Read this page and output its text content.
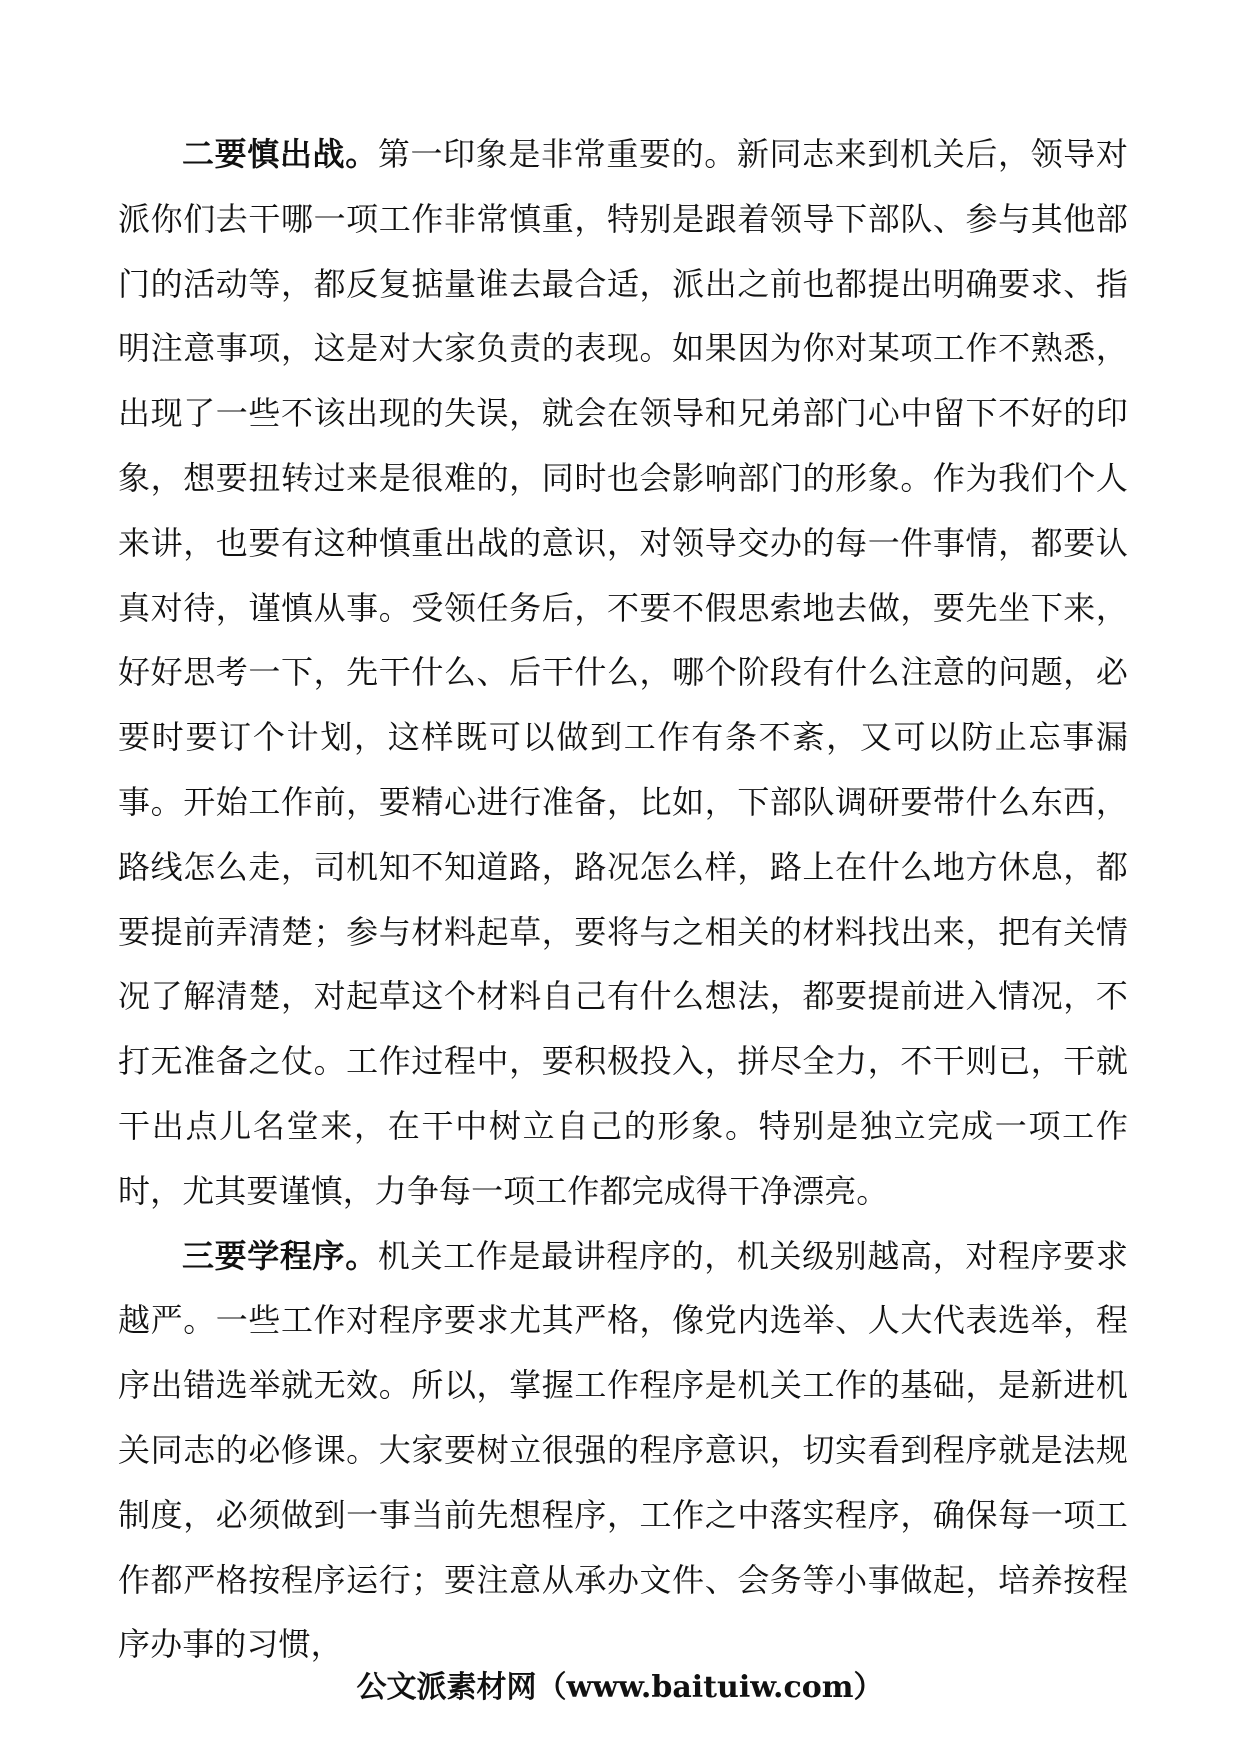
二要慎出战。第一印象是非常重要的。新同志来到机关后，领导对派你们去干哪一项工作非常慎重，特别是跟着领导下部队、参与其他部门的活动等，都反复掂量谁去最合适，派出之前也都提出明确要求、指明注意事项，这是对大家负责的表现。如果因为你对某项工作不熟悉，出现了一些不该出现的失误，就会在领导和兄弟部门心中留下不好的印象，想要扭转过来是很难的，同时也会影响部门的形象。作为我们个人来讲，也要有这种慎重出战的意识，对领导交办的每一件事情，都要认真对待，谨慎从事。受领任务后，不要不假思索地去做，要先坐下来，好好思考一下，先干什么、后干什么，哪个阶段有什么注意的问题，必要时要订个计划，这样既可以做到工作有条不紊，又可以防止忘事漏事。开始工作前，要精心进行准备，比如，下部队调研要带什么东西，路线怎么走，司机知不知道路，路况怎么样，路上在什么地方休息，都要提前弄清楚；参与材料起草，要将与之相关的材料找出来，把有关情况了解清楚，对起草这个材料自己有什么想法，都要提前进入情况，不打无准备之仗。工作过程中，要积极投入，拼尽全力，不干则已，干就干出点儿名堂来，在干中树立自己的形象。特别是独立完成一项工作时，尤其要谨慎，力争每一项工作都完成得干净漂亮。

三要学程序。机关工作是最讲程序的，机关级别越高，对程序要求越严。一些工作对程序要求尤其严格，像党内选举、人大代表选举，程序出错选举就无效。所以，掌握工作程序是机关工作的基础，是新进机关同志的必修课。大家要树立很强的程序意识，切实看到程序就是法规制度，必须做到一事当前先想程序，工作之中落实程序，确保每一项工作都严格按程序运行；要注意从承办文件、会务等小事做起，培养按程序办事的习惯，

公文派素材网（www.baituiw.com）
